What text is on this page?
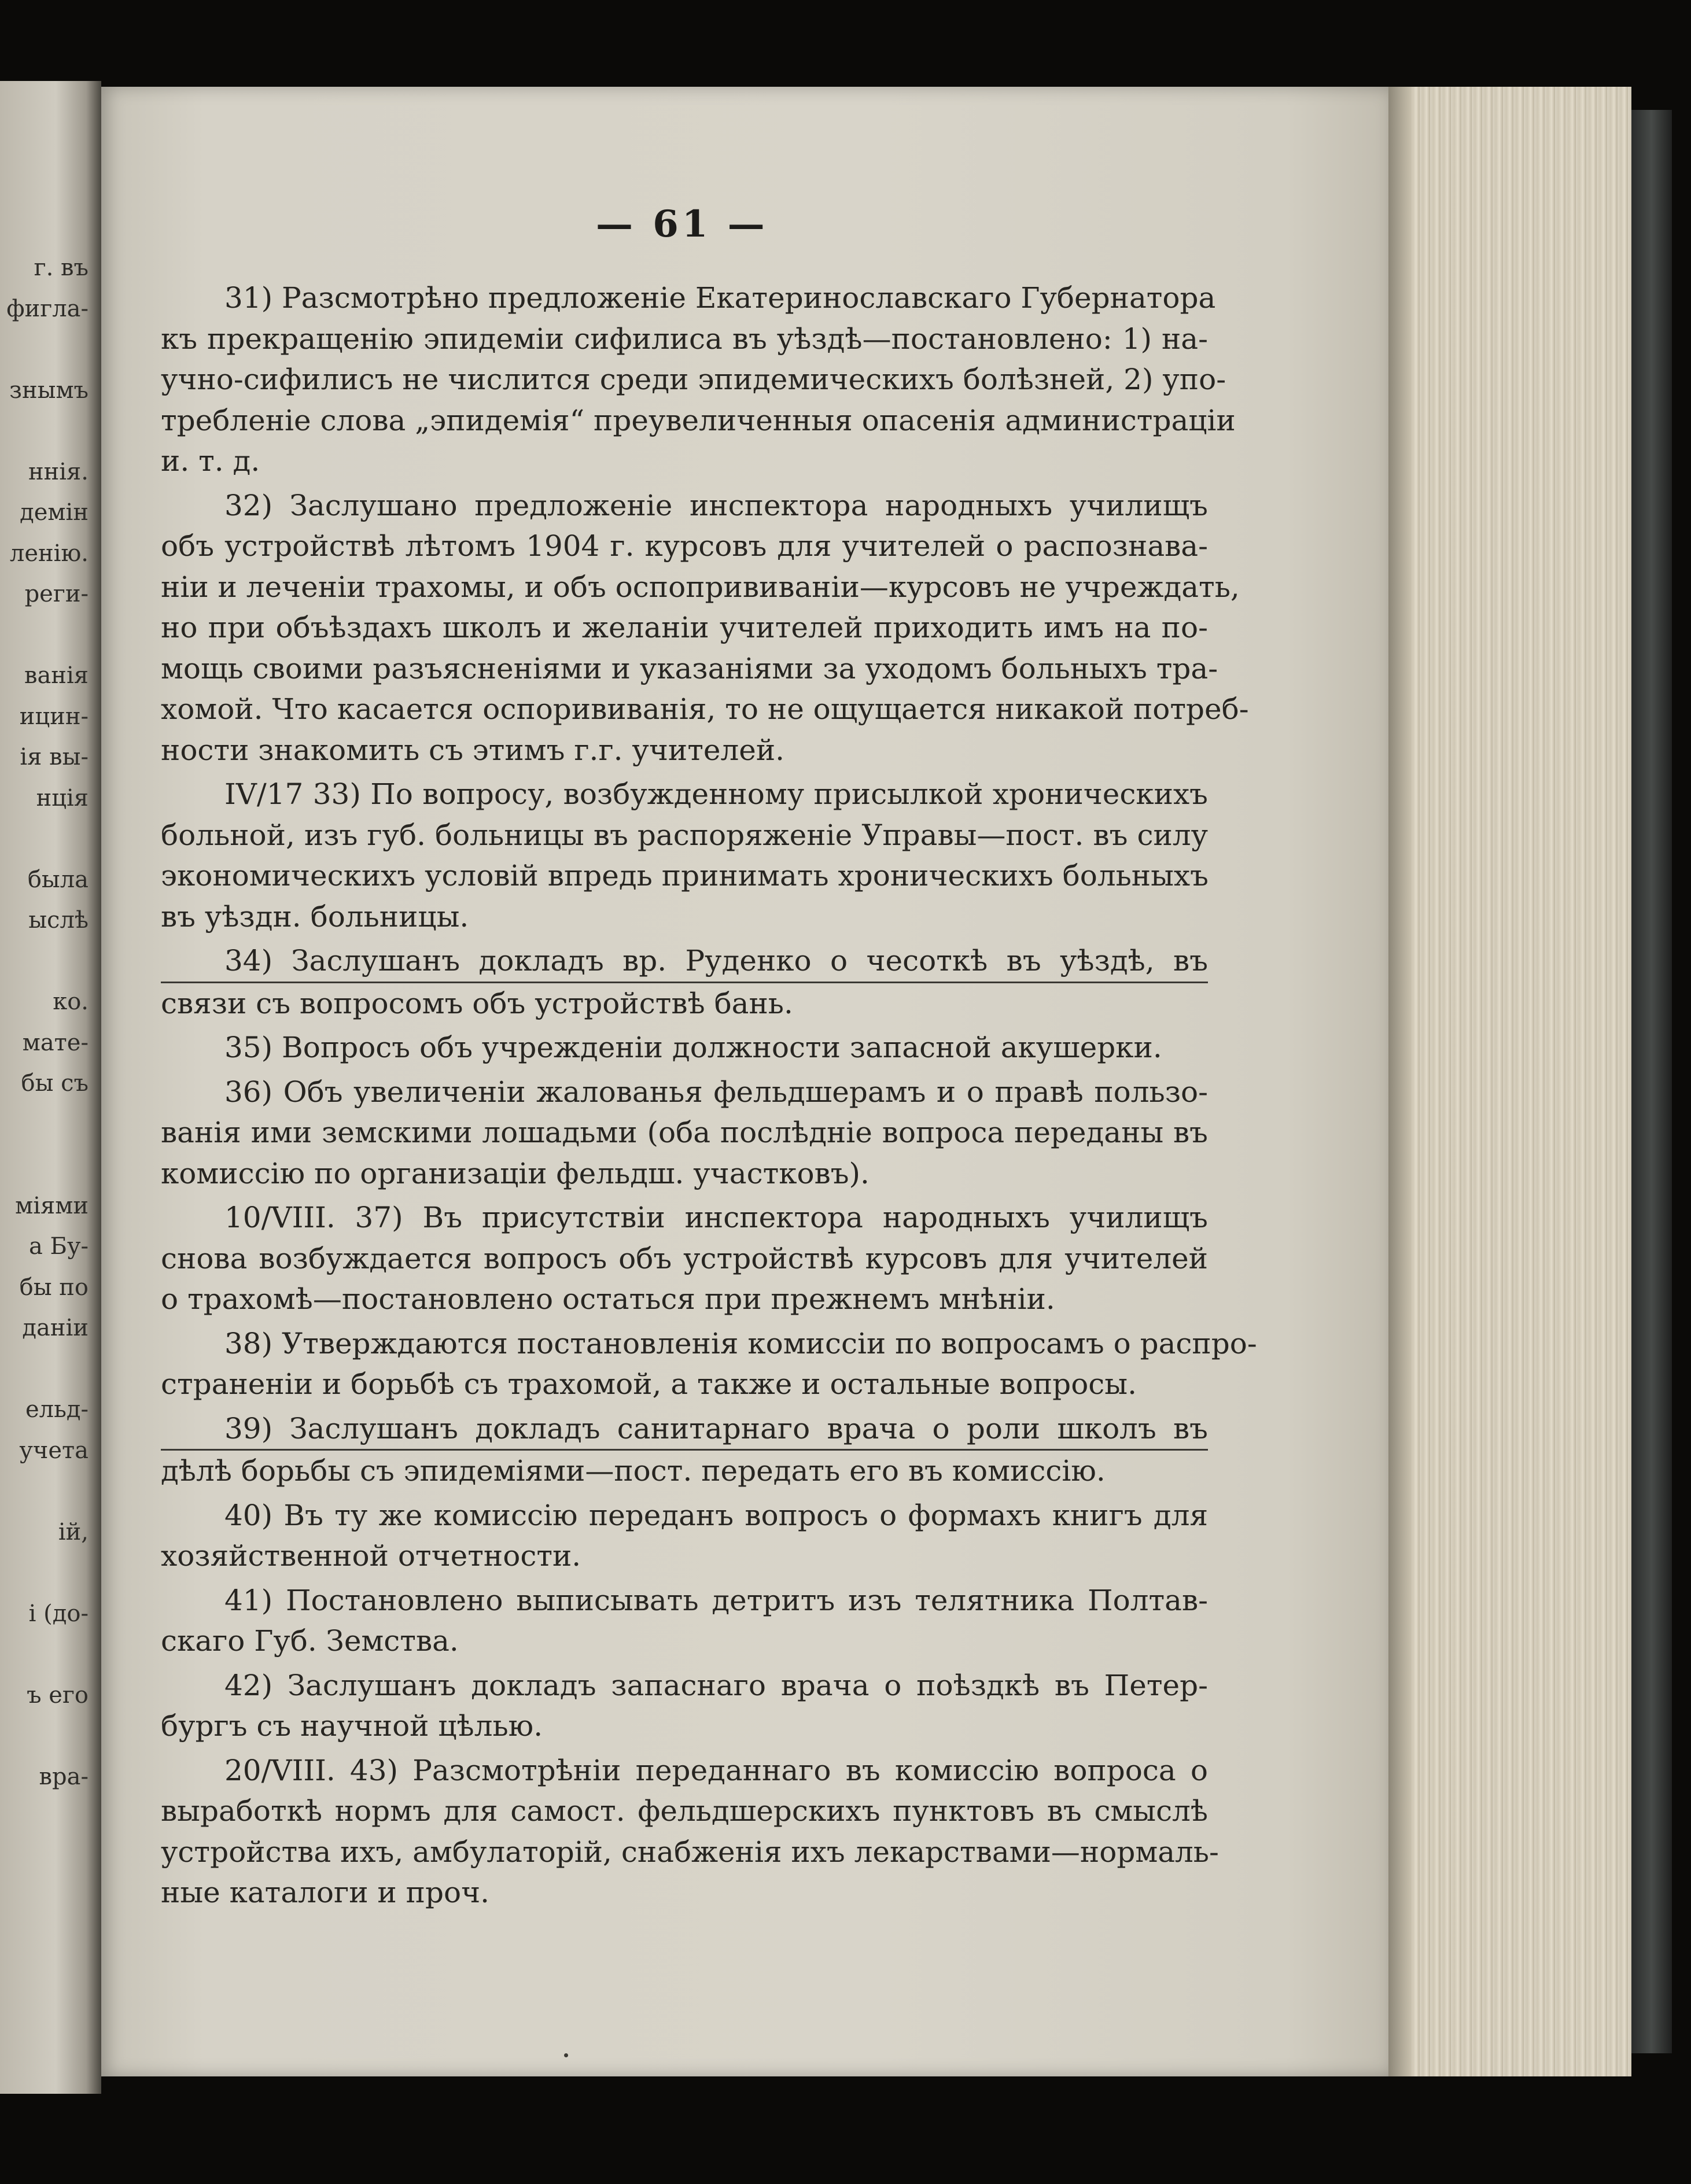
г. въ
фигла-
знымъ
ннія.
демін
ленію.
реги-
ванія
ицин-
ія вы-
нція
была
ыслѣ
ко.
мате-
бы съ
міями
а Бу-
бы по
даніи
ельд-
учета
ій,
і (до-
ъ его
вра-
— 61 —
31) Разсмотрѣно предложеніе Екатеринославскаго Губернатора
къ прекращенію эпидеміи сифилиса въ уѣздѣ—постановлено: 1) на-
учно-сифилисъ не числится среди эпидемическихъ болѣзней, 2) упо-
требленіе слова „эпидемія“ преувеличенныя опасенія администраціи
и. т. д.
32) Заслушано предложеніе инспектора народныхъ училищъ
объ устройствѣ лѣтомъ 1904 г. курсовъ для учителей о распознава-
ніи и леченіи трахомы, и объ оспопрививаніи—курсовъ не учреждать,
но при объѣздахъ школъ и желаніи учителей приходить имъ на по-
мощь своими разъясненіями и указаніями за уходомъ больныхъ тра-
хомой. Что касается оспорививанія, то не ощущается никакой потреб-
ности знакомить съ этимъ г.г. учителей.
IV/17 33) По вопросу, возбужденному присылкой хроническихъ
больной, изъ губ. больницы въ распоряженіе Управы—пост. въ силу
экономическихъ условій впредь принимать хроническихъ больныхъ
въ уѣздн. больницы.
34) Заслушанъ докладъ вр. Руденко о чесоткѣ въ уѣздѣ, въ
связи съ вопросомъ объ устройствѣ бань.
35) Вопросъ объ учрежденіи должности запасной акушерки.
36) Объ увеличеніи жалованья фельдшерамъ и о правѣ пользо-
ванія ими земскими лошадьми (оба послѣдніе вопроса переданы въ
комиссію по организаціи фельдш. участковъ).
10/VIII. 37) Въ присутствіи инспектора народныхъ училищъ
снова возбуждается вопросъ объ устройствѣ курсовъ для учителей
о трахомѣ—постановлено остаться при прежнемъ мнѣніи.
38) Утверждаются постановленія комиссіи по вопросамъ о распро-
страненіи и борьбѣ съ трахомой, а также и остальные вопросы.
39) Заслушанъ докладъ санитарнаго врача о роли школъ въ
дѣлѣ борьбы съ эпидеміями—пост. передать его въ комиссію.
40) Въ ту же комиссію переданъ вопросъ о формахъ книгъ для
хозяйственной отчетности.
41) Постановлено выписывать детритъ изъ телятника Полтав-
скаго Губ. Земства.
42) Заслушанъ докладъ запаснаго врача о поѣздкѣ въ Петер-
бургъ съ научной цѣлью.
20/VIII. 43) Разсмотрѣніи переданнаго въ комиссію вопроса о
выработкѣ нормъ для самост. фельдшерскихъ пунктовъ въ смыслѣ
устройства ихъ, амбулаторій, снабженія ихъ лекарствами—нормаль-
ные каталоги и проч.
